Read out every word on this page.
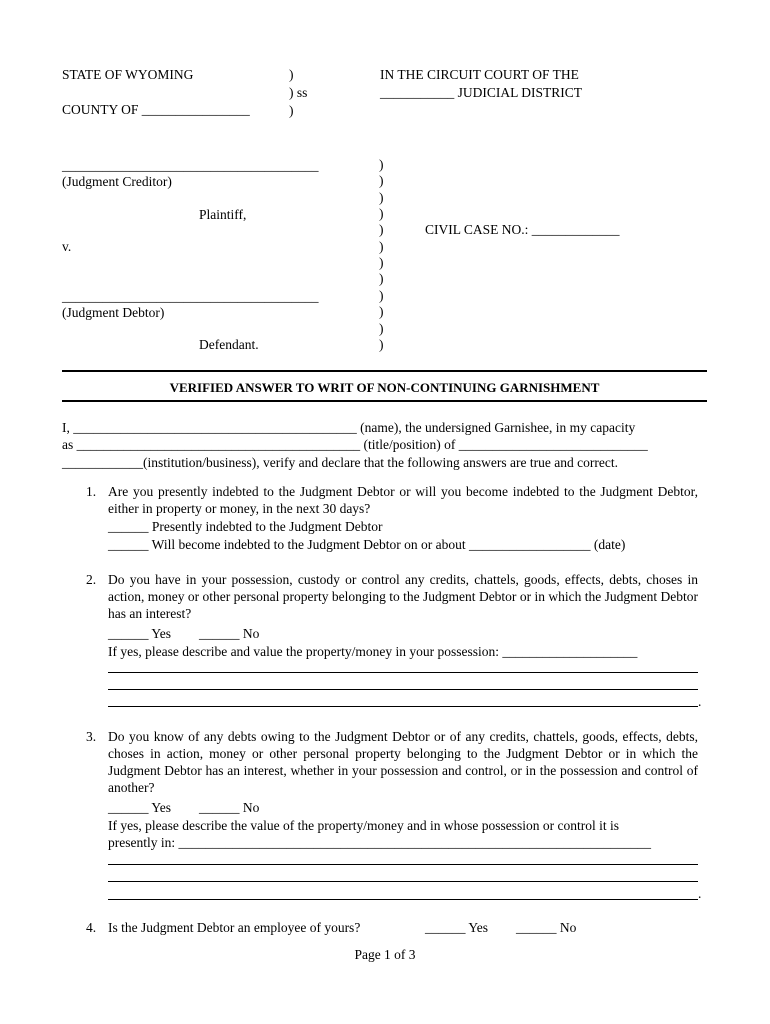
STATE OF WYOMING	)
) ss
)
COUNTY OF ________________
IN THE CIRCUIT COURT OF THE
___________ JUDICIAL DISTRICT
______________________________________
(Judgment Creditor)
Plaintiff,
v.
______________________________________
(Judgment Debtor)
Defendant.
CIVIL CASE NO.: _____________
)
)
)
)
)
)
)
)
)
)
)
)
VERIFIED ANSWER TO WRIT OF NON-CONTINUING GARNISHMENT
I, __________________________________________ (name), the undersigned Garnishee, in my capacity
as __________________________________________ (title/position) of ____________________________
____________(institution/business), verify and declare that the following answers are true and correct.
1. Are you presently indebted to the Judgment Debtor or will you become indebted to the Judgment Debtor, either in property or money, in the next 30 days?
______ Presently indebted to the Judgment Debtor
______ Will become indebted to the Judgment Debtor on or about __________________ (date)
2. Do you have in your possession, custody or control any credits, chattels, goods, effects, debts, choses in action, money or other personal property belonging to the Judgment Debtor or in which the Judgment Debtor has an interest?
______ Yes ______ No
If yes, please describe and value the property/money in your possession: ____________________
.
3. Do you know of any debts owing to the Judgment Debtor or of any credits, chattels, goods, effects, debts, choses in action, money or other personal property belonging to the Judgment Debtor or in which the Judgment Debtor has an interest, whether in your possession and control, or in the possession and control of another?
______ Yes ______ No
If yes, please describe the value of the property/money and in whose possession or control it is
presently in: ______________________________________________________________________
.
4. Is the Judgment Debtor an employee of yours?	______ Yes ______ No
Page 1 of 3
